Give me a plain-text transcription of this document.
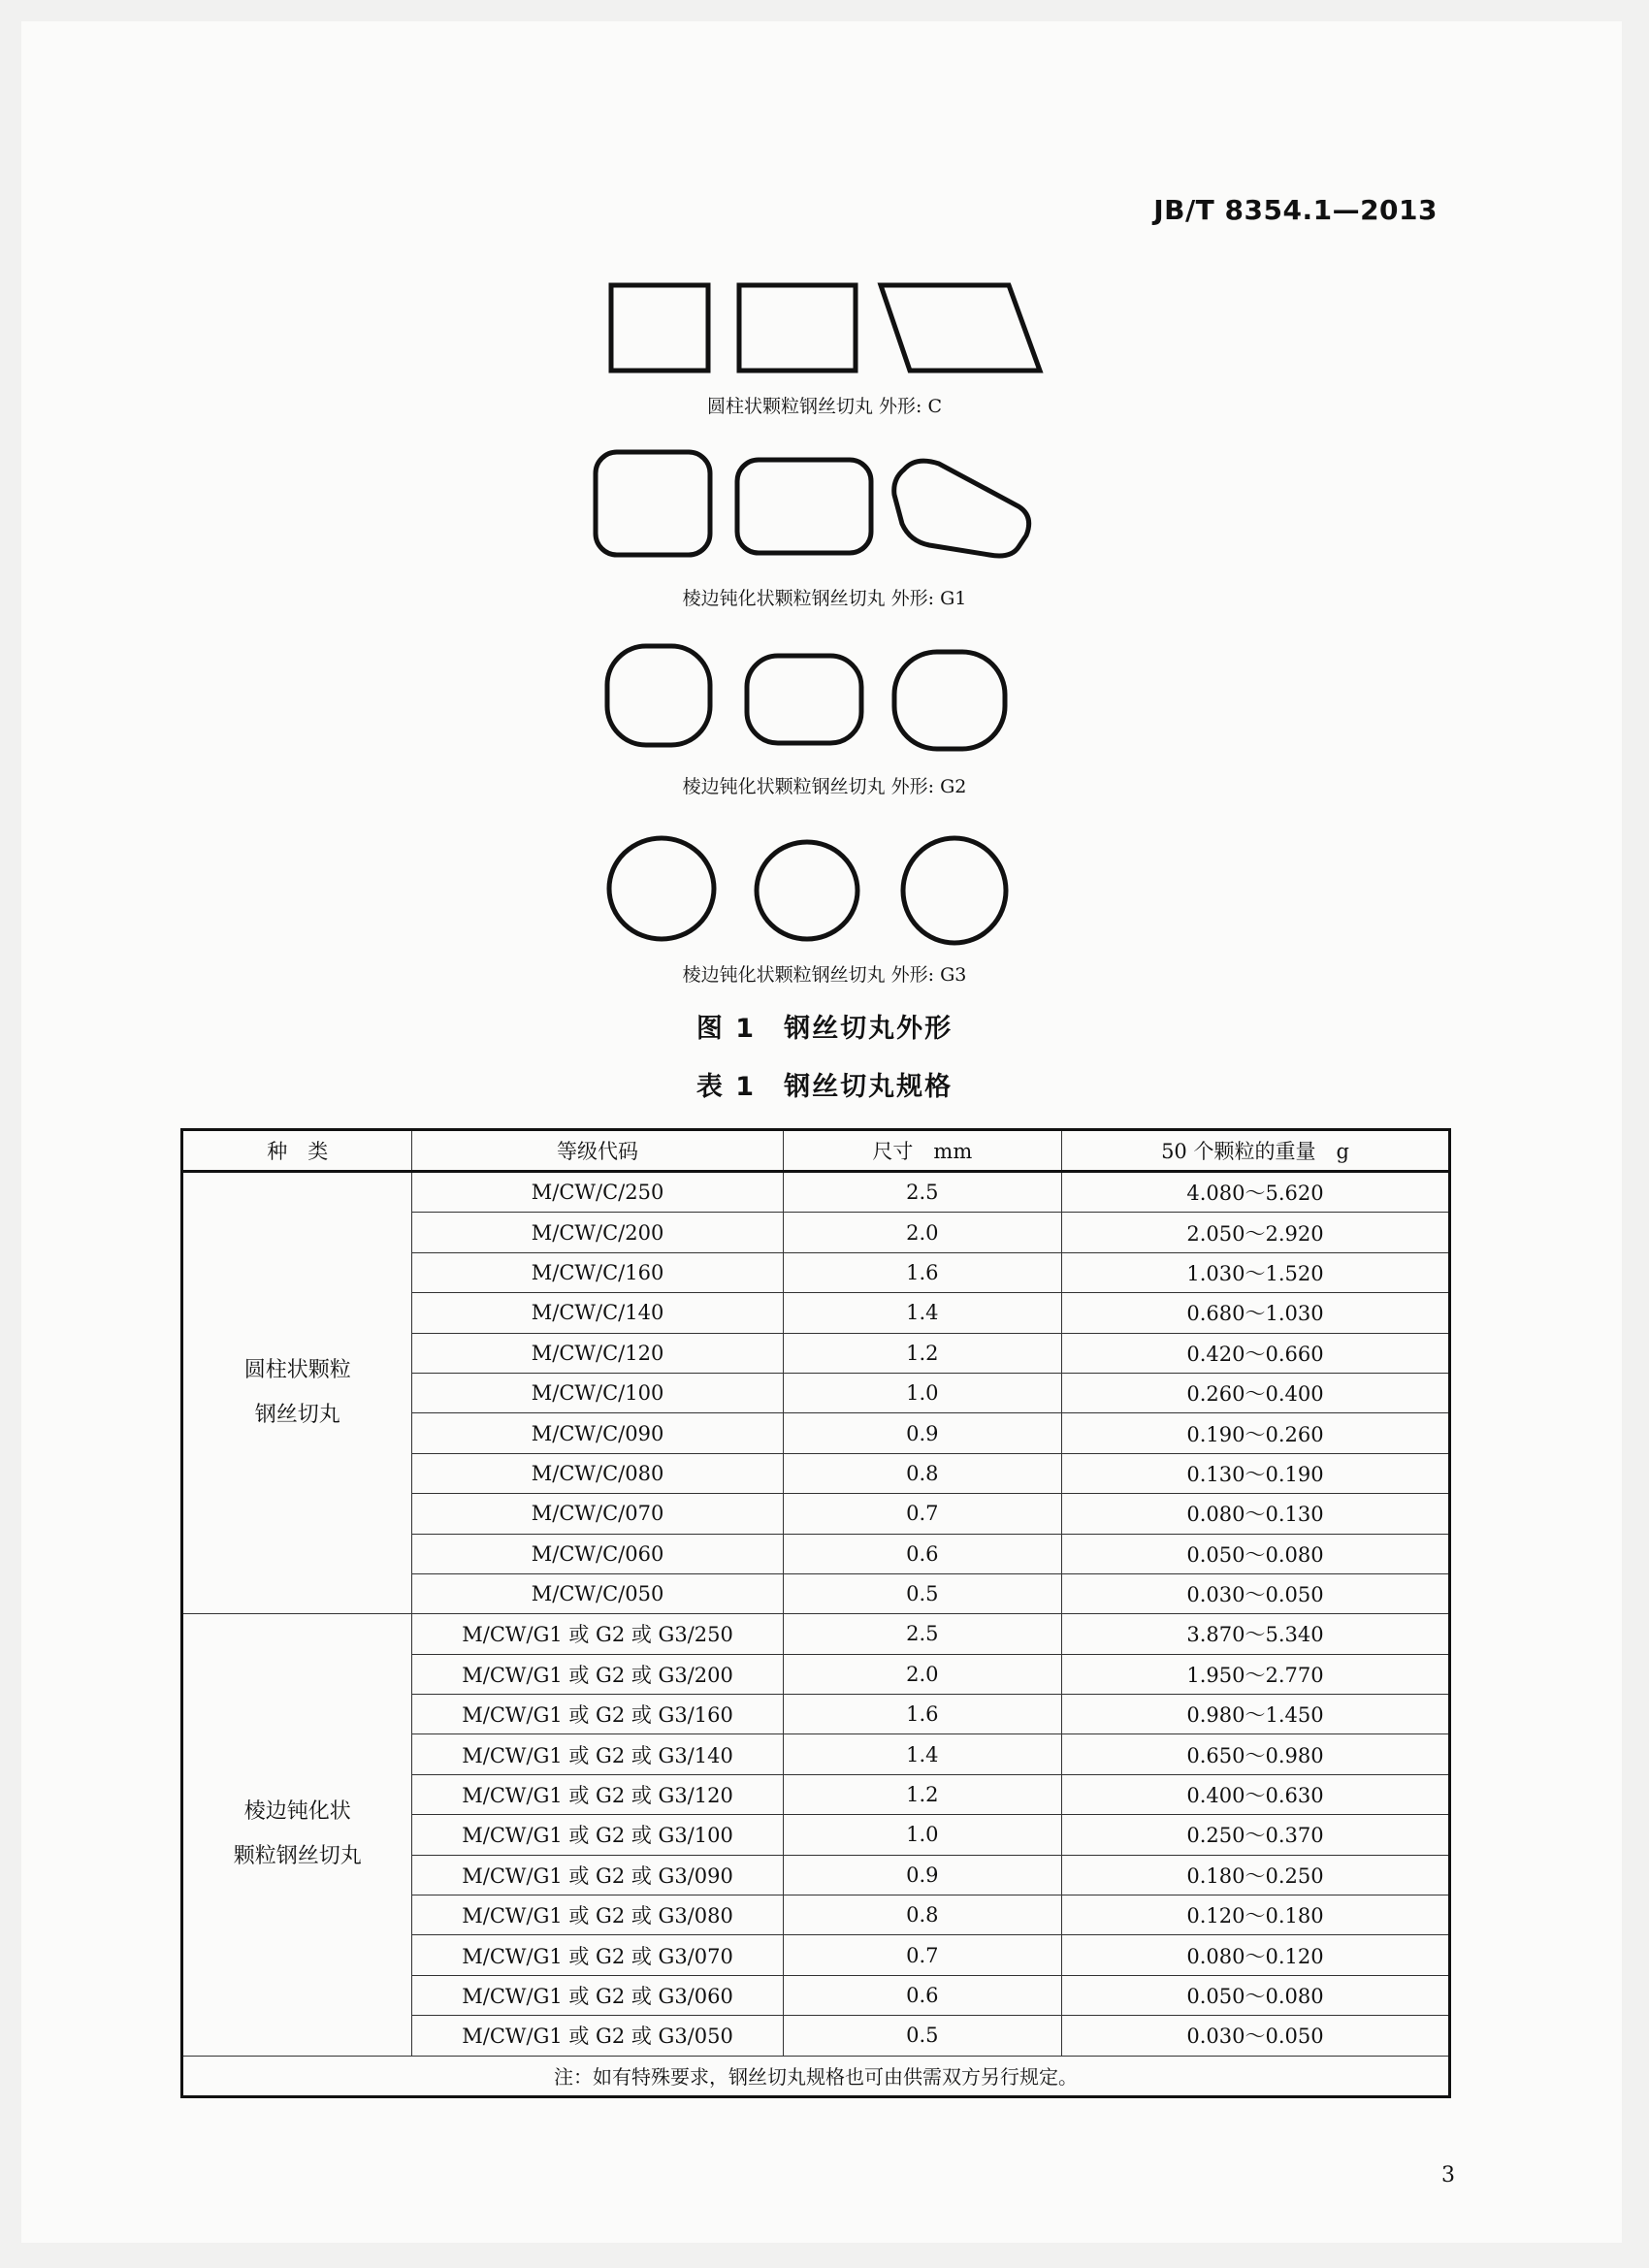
JB/T 8354.1—2013
圆柱状颗粒钢丝切丸 外形: C
棱边钝化状颗粒钢丝切丸 外形: G1
棱边钝化状颗粒钢丝切丸 外形: G2
棱边钝化状颗粒钢丝切丸 外形: G3
图 1　钢丝切丸外形
表 1　钢丝切丸规格
种　类	等级代码	尺寸　mm	50 个颗粒的重量　g

圆柱状颗粒
钢丝切丸	M/CW/C/250	2.5	4.080～5.620
	M/CW/C/200	2.0	2.050～2.920
	M/CW/C/160	1.6	1.030～1.520
	M/CW/C/140	1.4	0.680～1.030
	M/CW/C/120	1.2	0.420～0.660
	M/CW/C/100	1.0	0.260～0.400
	M/CW/C/090	0.9	0.190～0.260
	M/CW/C/080	0.8	0.130～0.190
	M/CW/C/070	0.7	0.080～0.130
	M/CW/C/060	0.6	0.050～0.080
	M/CW/C/050	0.5	0.030～0.050

棱边钝化状
颗粒钢丝切丸	M/CW/G1 或 G2 或 G3/250	2.5	3.870～5.340
	M/CW/G1 或 G2 或 G3/200	2.0	1.950～2.770
	M/CW/G1 或 G2 或 G3/160	1.6	0.980～1.450
	M/CW/G1 或 G2 或 G3/140	1.4	0.650～0.980
	M/CW/G1 或 G2 或 G3/120	1.2	0.400～0.630
	M/CW/G1 或 G2 或 G3/100	1.0	0.250～0.370
	M/CW/G1 或 G2 或 G3/090	0.9	0.180～0.250
	M/CW/G1 或 G2 或 G3/080	0.8	0.120～0.180
	M/CW/G1 或 G2 或 G3/070	0.7	0.080～0.120
	M/CW/G1 或 G2 或 G3/060	0.6	0.050～0.080
	M/CW/G1 或 G2 或 G3/050	0.5	0.030～0.050
注：如有特殊要求，钢丝切丸规格也可由供需双方另行规定。			
3
